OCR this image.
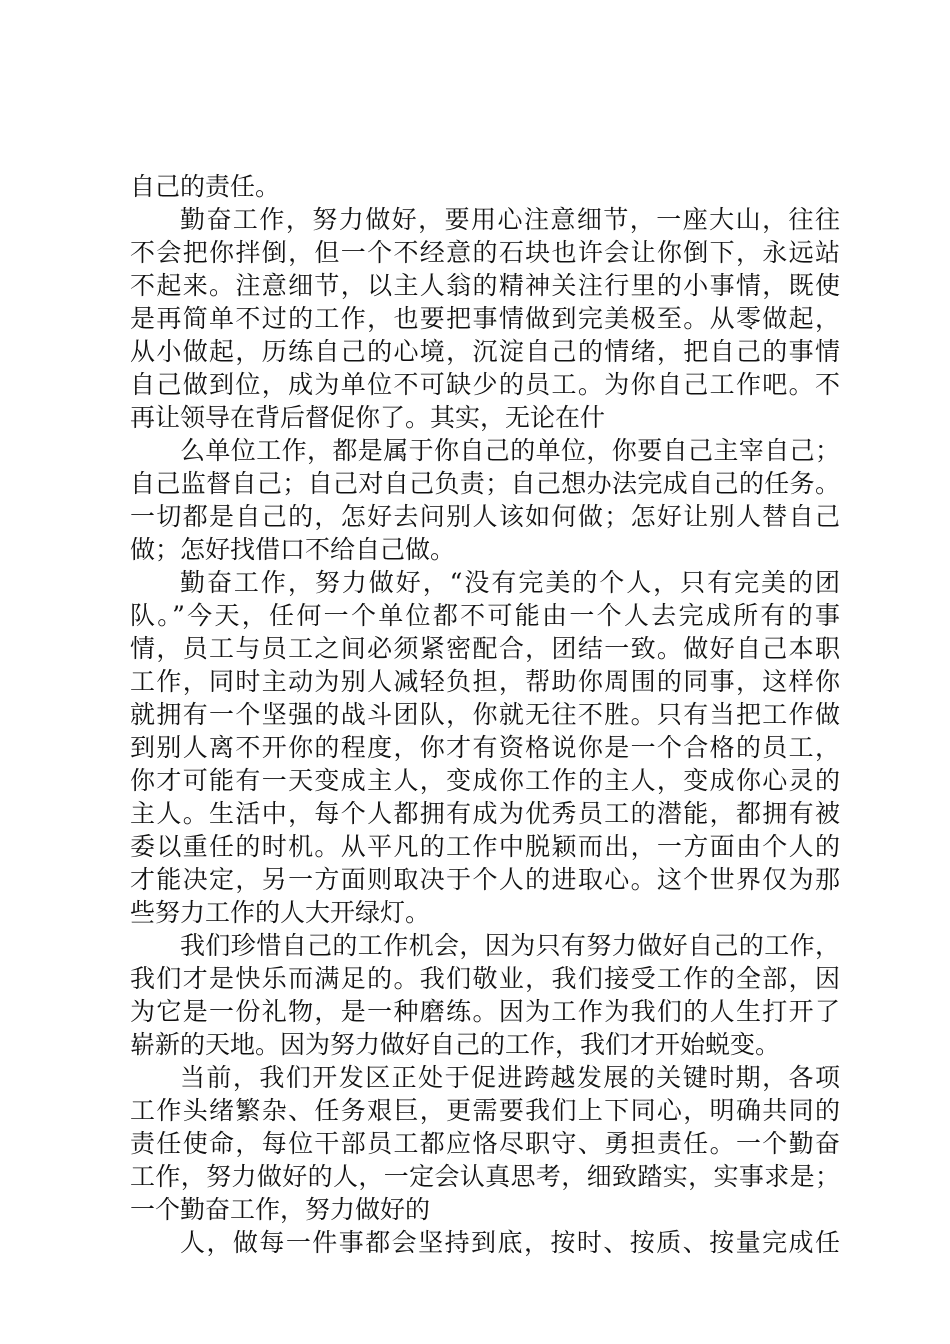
自己的责任。
勤奋工作，努力做好，要用心注意细节，一座大山，往往
不会把你拌倒，但一个不经意的石块也许会让你倒下，永远站
不起来。注意细节，以主人翁的精神关注行里的小事情，既使
是再简单不过的工作，也要把事情做到完美极至。从零做起，
从小做起，历练自己的心境，沉淀自己的情绪，把自己的事情
自己做到位，成为单位不可缺少的员工。为你自己工作吧。不
再让领导在背后督促你了。其实，无论在什
么单位工作，都是属于你自己的单位，你要自己主宰自己；
自己监督自己；自己对自己负责；自己想办法完成自己的任务。
一切都是自己的，怎好去问别人该如何做；怎好让别人替自己
做；怎好找借口不给自己做。
勤奋工作，努力做好，“没有完美的个人，只有完美的团
队。”今天，任何一个单位都不可能由一个人去完成所有的事
情，员工与员工之间必须紧密配合，团结一致。做好自己本职
工作，同时主动为别人减轻负担，帮助你周围的同事，这样你
就拥有一个坚强的战斗团队，你就无往不胜。只有当把工作做
到别人离不开你的程度，你才有资格说你是一个合格的员工，
你才可能有一天变成主人，变成你工作的主人，变成你心灵的
主人。生活中，每个人都拥有成为优秀员工的潜能，都拥有被
委以重任的时机。从平凡的工作中脱颖而出，一方面由个人的
才能决定，另一方面则取决于个人的进取心。这个世界仅为那
些努力工作的人大开绿灯。
我们珍惜自己的工作机会，因为只有努力做好自己的工作，
我们才是快乐而满足的。我们敬业，我们接受工作的全部，因
为它是一份礼物，是一种磨练。因为工作为我们的人生打开了
崭新的天地。因为努力做好自己的工作，我们才开始蜕变。
当前，我们开发区正处于促进跨越发展的关键时期，各项
工作头绪繁杂、任务艰巨，更需要我们上下同心，明确共同的
责任使命，每位干部员工都应恪尽职守、勇担责任。一个勤奋
工作，努力做好的人，一定会认真思考，细致踏实，实事求是；
一个勤奋工作，努力做好的
人，做每一件事都会坚持到底，按时、按质、按量完成任
